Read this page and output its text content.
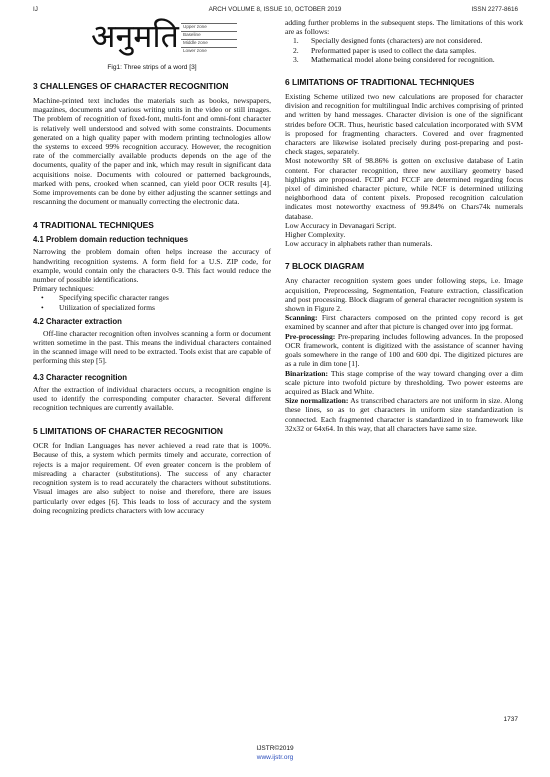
IJ	ARCH VOLUME 8, ISSUE 10, OCTOBER 2019	ISSN 2277-8616
अनुमति Upper zone
Baseline
Middle zone
Lower zone
Fig1: Three strips of a word [3]
3 CHALLENGES OF CHARACTER RECOGNITION

Machine-printed text includes the materials such as books, newspapers, magazines, documents and various writing units in the video or still images. The problem of recognition of fixed-font, multi-font and omni-font character is relatively well understood and solved with some constraints. Documents generated on a high quality paper with modern printing technologies allow the systems to exceed 99% recognition accuracy. However, the recognition rate of the commercially available products depends on the age of the documents, quality of the paper and ink, which may result in significant data acquisitions noise. Documents with coloured or patterned backgrounds, marked with pens, crooked when scanned, can yield poor OCR results [4]. Some improvements can be done by either adjusting the scanner settings and rescanning the document or manually correcting the electronic data.

4 TRADITIONAL TECHNIQUES
4.1 Problem domain reduction techniques

Narrowing the problem domain often helps increase the accuracy of handwriting recognition systems. A form field for a U.S. ZIP code, for example, would contain only the characters 0-9. This fact would reduce the number of possible identifications.

Primary techniques:

•	Specifying specific character ranges
•	Utilization of specialized forms
4.2 Character extraction

Off-line character recognition often involves scanning a form or document written sometime in the past. This means the individual characters contained in the scanned image will need to be extracted. Tools exist that are capable of performing this step [5].

4.3 Character recognition

After the extraction of individual characters occurs, a recognition engine is used to identify the corresponding computer character. Several different recognition techniques are currently available.

5 LIMITATIONS OF CHARACTER RECOGNITION

OCR for Indian Languages has never achieved a read rate that is 100%. Because of this, a system which permits timely and accurate, correction of rejects is a major requirement. Of even greater concern is the problem of misreading a character (substitutions). The success of any character recognition system is to read accurately the characters without substitutions. Visual images are also subject to noise and therefore, there are issues particularly over edges [6]. This leads to loss of accuracy and the system doing recognizing predicts characters with low accuracy

adding further problems in the subsequent steps. The limitations of this work are as follows:

1.	Specially designed fonts (characters) are not considered.
2.	Preformatted paper is used to collect the data samples.
3.	Mathematical model alone being considered for recognition.
6 LIMITATIONS OF TRADITIONAL TECHNIQUES

Existing Scheme utilized two new calculations are proposed for character division and recognition for multilingual Indic archives comprising of printed and written by hand messages. Character division is one of the significant strides before OCR. Thus, heuristic based calculation incorporated with SVM is proposed for fragmenting characters. Covered and over fragmented characters are likewise isolated precisely during post-preparing and post-check stages, separately.

Most noteworthy SR of 98.86% is gotten on exclusive database of Latin content. For character recognition, three new auxiliary geometry based highlights are proposed. FCDF and FCCF are determined regarding focus pixel of diminished character picture, while NCF is determined utilizing neighborhood data of content pixels. Proposed recognition calculation indicates most noteworthy exactness of 99.84% on Chars74k numerals database.

Low Accuracy in Devanagari Script.

Higher Complexity.

Low accuracy in alphabets rather than numerals.

7 BLOCK DIAGRAM

Any character recognition system goes under following steps, i.e. Image acquisition, Preprocessing, Segmentation, Feature extraction, classification and post processing. Block diagram of general character recognition system is shown in Figure 2.

Scanning: First characters composed on the printed copy record is get examined by scanner and after that picture is changed over into jpg format.

Pre-processing: Pre-preparing includes following advances. In the proposed OCR framework, content is digitized with the assistance of scanner having goals somewhere in the range of 100 and 600 dpi. The digitized pictures are as a rule in dim tone [1].

Binarization: This stage comprise of the way toward changing over a dim scale picture into twofold picture by thresholding. Two power esteems are acquired as Black and White.

Size normalization: As transcribed characters are not uniform in size. Along these lines, so as to get characters in uniform size standardization is connected. Each fragmented character is standardized in to framework like 32x32 or 64x64. In this way, that all characters have same size.

1737
IJSTR©2019
www.ijstr.org
